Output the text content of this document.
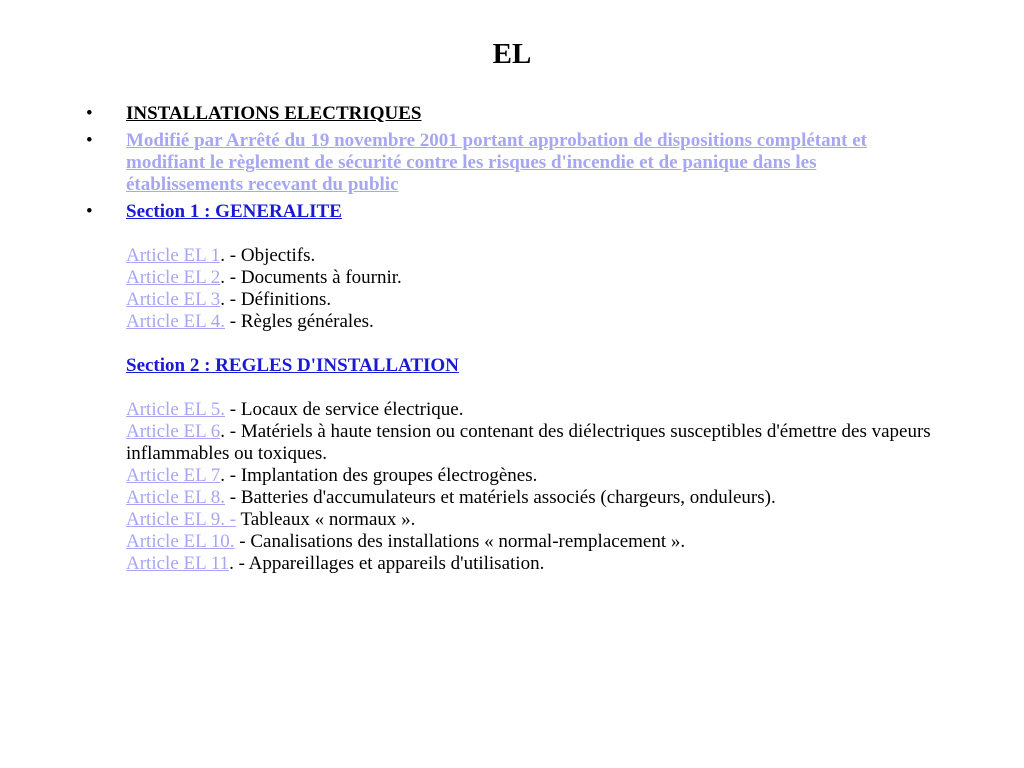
EL
• INSTALLATIONS ELECTRIQUES
• Modifié par Arrêté du 19 novembre 2001 portant approbation de dispositions complétant et modifiant le règlement de sécurité contre les risques d'incendie et de panique dans les établissements recevant du public
• Section 1 : GENERALITE
Article EL 1. - Objectifs.
Article EL 2. - Documents à fournir.
Article EL 3. - Définitions.
Article EL 4. - Règles générales.
Section 2 : REGLES D'INSTALLATION
Article EL 5. - Locaux de service électrique.
Article EL 6. - Matériels à haute tension ou contenant des diélectriques susceptibles d'émettre des vapeurs inflammables ou toxiques.
Article EL 7. - Implantation des groupes électrogènes.
Article EL 8. - Batteries d'accumulateurs et matériels associés (chargeurs, onduleurs).
Article EL 9. - Tableaux « normaux ».
Article EL 10. - Canalisations des installations « normal-remplacement ».
Article EL 11. - Appareillages et appareils d'utilisation.
